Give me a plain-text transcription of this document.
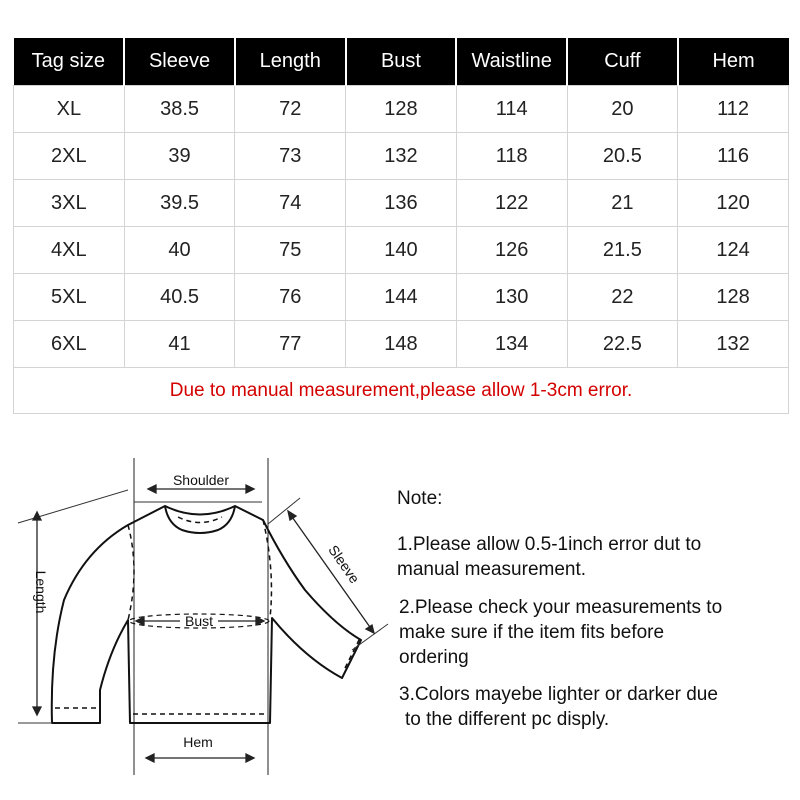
Tag size	Sleeve	Length	Bust	Waistline	Cuff	Hem
XL	38.5	72	128	114	20	112
2XL	39	73	132	118	20.5	116
3XL	39.5	74	136	122	21	120
4XL	40	75	140	126	21.5	124
5XL	40.5	76	144	130	22	128
6XL	41	77	148	134	22.5	132
Due to manual measurement,please allow 1-3cm error.						
Shoulder
Length
Sleeve
Bust
Hem
Note:
1.Please allow 0.5-1inch error dut to
manual measurement.
2.Please check your measurements to
make sure if the item fits before
ordering
3.Colors mayebe lighter or darker due
to the different pc disply.
